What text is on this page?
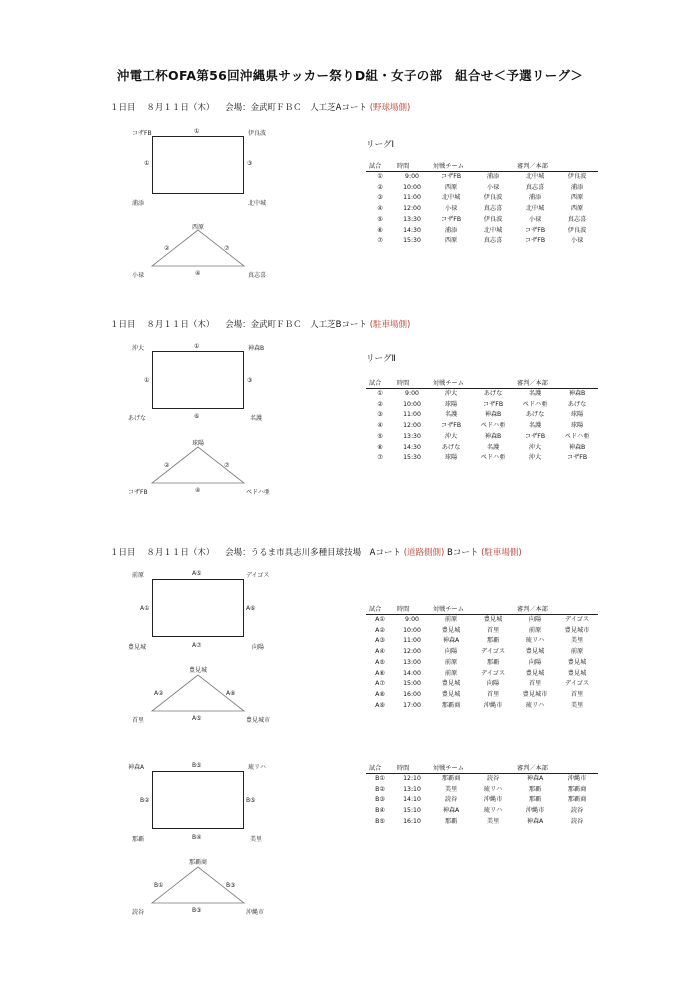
沖電工杯OFA第56回沖縄県サッカー祭りD組・女子の部　組合せ＜予選リーグ＞
１日目 ８月１１日（木） 会場：金武町ＦＢＣ　人工芝Aコート (野球場側)
コザFB	①	伊良波
①	③
浦添	北中城
西原
②	⑦
小禄	④	真志喜
リーグⅠ
試合	時間	対戦チーム		審判／本部	
①	9:00	コザFB	浦添	北中城	伊良波
②	10:00	西原	小禄	真志喜	浦添
③	11:00	北中城	伊良波	浦添	西原
④	12:00	小禄	真志喜	北中城	西原
⑤	13:30	コザFB	伊良波	小禄	真志喜
⑥	14:30	浦添	北中城	コザFB	伊良波
⑦	15:30	西原	真志喜	コザFB	小禄
１日目 ８月１１日（木） 会場：金武町ＦＢＣ　人工芝Bコート (駐車場側)
沖大	①	神森B
①	③
あげな	⑥	名護
球陽
②	⑦
コザFB	④	ペドハ亜
リーグⅡ
試合	時間	対戦チーム		審判／本部	
①	9:00	沖大	あげな	名護	神森B
②	10:00	球陽	コザFB	ペドハ亜	あげな
③	11:00	名護	神森B	あげな	球陽
④	12:00	コザFB	ペドハ亜	名護	球陽
⑤	13:30	沖大	神森B	コザFB	ペドハ亜
⑥	14:30	あげな	名護	沖大	神森B
⑦	15:30	球陽	ペドハ亜	沖大	コザFB
１日目 ８月１１日（木） 会場：うるま市具志川多種目球技場　Aコート (道路側側) Bコート (駐車場側)
前原	A⑤	デイゴス
A①	A⑥
豊見城	A⑦	向陽
豊見城
A②	A⑧
首里	A⑤	豊見城市
試合	時間	対戦チーム		審判／本部	
A①	9:00	前原	豊見城	向陽	デイゴス
A②	10:00	豊見城	首里	前原	豊見城市
A③	11:00	神森A	那覇	琉リハ	美里
A④	12:00	向陽	デイゴス	豊見城	前原
A⑤	13:00	前原	那覇	向陽	豊見城
A⑥	14:00	前原	デイゴス	豊見城	豊見城
A⑦	15:00	豊見城	向陽	首里	デイゴス
A⑧	16:00	豊見城	首里	豊見城市	首里
A⑨	17:00	那覇商	沖縄市	琉リハ	美里
神森A	B⑤	琉リハ
B②	B⑤
那覇	B④	美里
那覇商
B①	B③
読谷	B③	沖縄市
試合	時間	対戦チーム		審判／本部	
B①	12:10	那覇商	読谷	神森A	沖縄市
B②	13:10	美里	琉リハ	那覇	那覇商
B③	14:10	読谷	沖縄市	那覇	那覇商
B④	15:10	神森A	琉リハ	沖縄市	読谷
B⑤	16:10	那覇	美里	神森A	読谷
